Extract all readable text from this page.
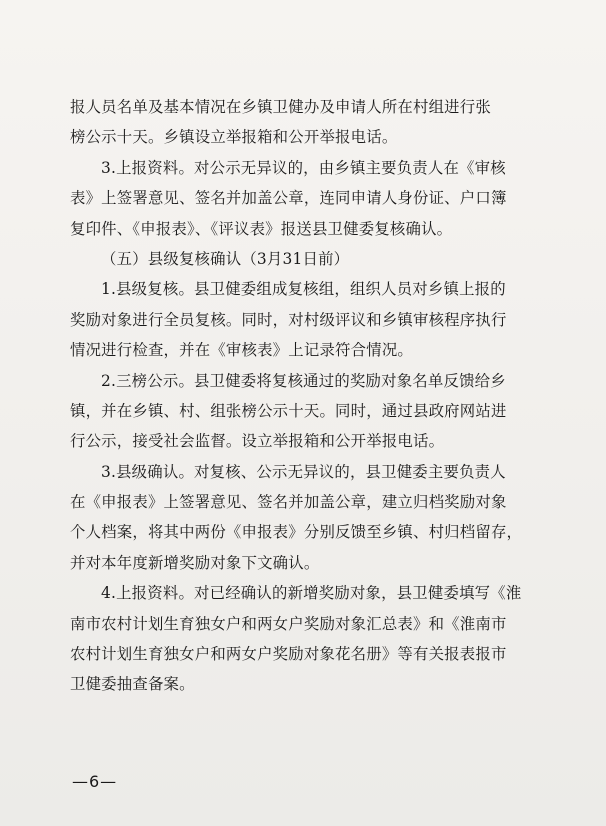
报人员名单及基本情况在乡镇卫健办及申请人所在村组进行张
榜公示十天。乡镇设立举报箱和公开举报电话。
3.上报资料。对公示无异议的，由乡镇主要负责人在《审核
表》上签署意见、签名并加盖公章，连同申请人身份证、户口簿
复印件、《申报表》、《评议表》报送县卫健委复核确认。
（五）县级复核确认（3月31日前）
1.县级复核。县卫健委组成复核组，组织人员对乡镇上报的
奖励对象进行全员复核。同时，对村级评议和乡镇审核程序执行
情况进行检查，并在《审核表》上记录符合情况。
2.三榜公示。县卫健委将复核通过的奖励对象名单反馈给乡
镇，并在乡镇、村、组张榜公示十天。同时，通过县政府网站进
行公示，接受社会监督。设立举报箱和公开举报电话。
3.县级确认。对复核、公示无异议的，县卫健委主要负责人
在《申报表》上签署意见、签名并加盖公章，建立归档奖励对象
个人档案，将其中两份《申报表》分别反馈至乡镇、村归档留存，
并对本年度新增奖励对象下文确认。
4.上报资料。对已经确认的新增奖励对象，县卫健委填写《淮
南市农村计划生育独女户和两女户奖励对象汇总表》和《淮南市
农村计划生育独女户和两女户奖励对象花名册》等有关报表报市
卫健委抽查备案。
—6—
